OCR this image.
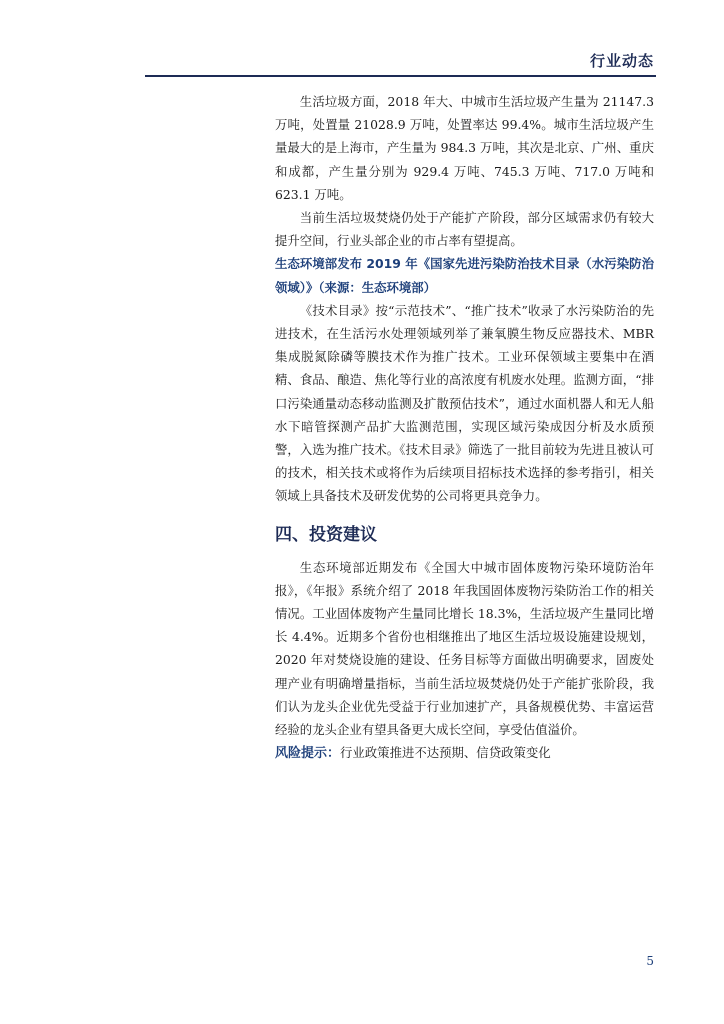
行业动态

生活垃圾方面，2018 年大、中城市生活垃圾产生量为 21147.3 万吨，处置量 21028.9 万吨，处置率达 99.4%。城市生活垃圾产生量最大的是上海市，产生量为 984.3 万吨，其次是北京、广州、重庆和成都，产生量分别为 929.4 万吨、745.3 万吨、717.0 万吨和 623.1 万吨。

当前生活垃圾焚烧仍处于产能扩产阶段，部分区域需求仍有较大提升空间，行业头部企业的市占率有望提高。

生态环境部发布 2019 年《国家先进污染防治技术目录（水污染防治领域）》（来源：生态环境部）

《技术目录》按“示范技术”、“推广技术”收录了水污染防治的先进技术，在生活污水处理领域列举了兼氧膜生物反应器技术、MBR 集成脱氮除磷等膜技术作为推广技术。工业环保领域主要集中在酒精、食品、酿造、焦化等行业的高浓度有机废水处理。监测方面，“排口污染通量动态移动监测及扩散预估技术”，通过水面机器人和无人船水下暗管探测产品扩大监测范围，实现区域污染成因分析及水质预警，入选为推广技术。《技术目录》筛选了一批目前较为先进且被认可的技术，相关技术或将作为后续项目招标技术选择的参考指引，相关领域上具备技术及研发优势的公司将更具竞争力。

四、投资建议

生态环境部近期发布《全国大中城市固体废物污染环境防治年报》，《年报》系统介绍了 2018 年我国固体废物污染防治工作的相关情况。工业固体废物产生量同比增长 18.3%，生活垃圾产生量同比增长 4.4%。近期多个省份也相继推出了地区生活垃圾设施建设规划，2020 年对焚烧设施的建设、任务目标等方面做出明确要求，固废处理产业有明确增量指标，当前生活垃圾焚烧仍处于产能扩张阶段，我们认为龙头企业优先受益于行业加速扩产，具备规模优势、丰富运营经验的龙头企业有望具备更大成长空间，享受估值溢价。

风险提示：行业政策推进不达预期、信贷政策变化

5
